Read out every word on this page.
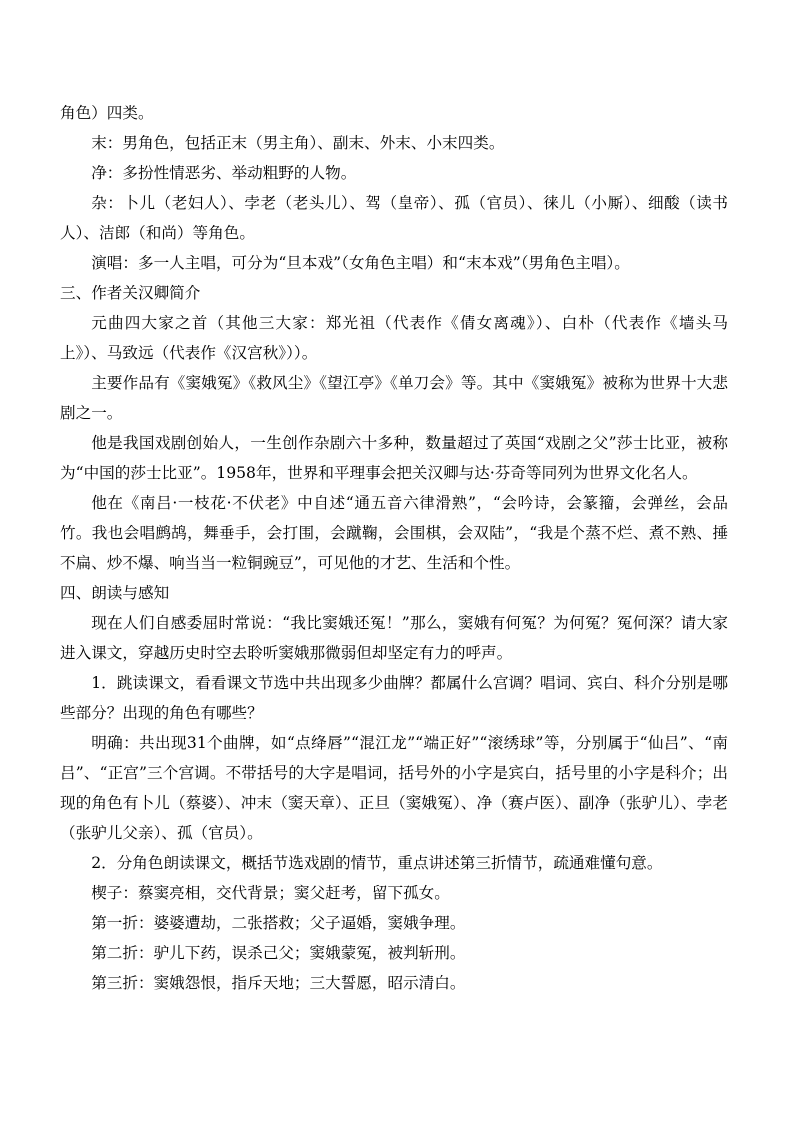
角色）四类。

末：男角色，包括正末（男主角）、副末、外末、小末四类。

净：多扮性情恶劣、举动粗野的人物。

杂：卜儿（老妇人）、孛老（老头儿）、驾（皇帝）、孤（官员）、徕儿（小厮）、细酸（读书人）、洁郎（和尚）等角色。

演唱：多一人主唱，可分为“旦本戏”（女角色主唱）和“末本戏”（男角色主唱）。

三、作者关汉卿简介

元曲四大家之首（其他三大家：郑光祖（代表作《倩女离魂》）、白朴（代表作《墙头马上》）、马致远（代表作《汉宫秋》））。

主要作品有《窦娥冤》《救风尘》《望江亭》《单刀会》等。其中《窦娥冤》被称为世界十大悲剧之一。

他是我国戏剧创始人，一生创作杂剧六十多种，数量超过了英国“戏剧之父”莎士比亚，被称为“中国的莎士比亚”。1958年，世界和平理事会把关汉卿与达·芬奇等同列为世界文化名人。

他在《南吕·一枝花·不伏老》中自述“通五音六律滑熟”，“会吟诗，会篆籀，会弹丝，会品竹。我也会唱鹧鸪，舞垂手，会打围，会蹴鞠，会围棋，会双陆”，“我是个蒸不烂、煮不熟、捶不扁、炒不爆、响当当一粒铜豌豆”，可见他的才艺、生活和个性。

四、朗读与感知

现在人们自感委屈时常说：“我比窦娥还冤！”那么，窦娥有何冤？为何冤？冤何深？请大家进入课文，穿越历史时空去聆听窦娥那微弱但却坚定有力的呼声。

1．跳读课文，看看课文节选中共出现多少曲牌？都属什么宫调？唱词、宾白、科介分别是哪些部分？出现的角色有哪些？

明确：共出现31个曲牌，如“点绛唇”“混江龙”“端正好”“滚绣球”等，分别属于“仙吕”、“南吕”、“正宫”三个宫调。不带括号的大字是唱词，括号外的小字是宾白，括号里的小字是科介；出现的角色有卜儿（蔡婆）、冲末（窦天章）、正旦（窦娥冤）、净（赛卢医）、副净（张驴儿）、孛老（张驴儿父亲）、孤（官员）。

2．分角色朗读课文，概括节选戏剧的情节，重点讲述第三折情节，疏通难懂句意。

楔子：蔡窦亮相，交代背景；窦父赶考，留下孤女。

第一折：婆婆遭劫，二张搭救；父子逼婚，窦娥争理。

第二折：驴儿下药，误杀己父；窦娥蒙冤，被判斩刑。

第三折：窦娥怨恨，指斥天地；三大誓愿，昭示清白。
